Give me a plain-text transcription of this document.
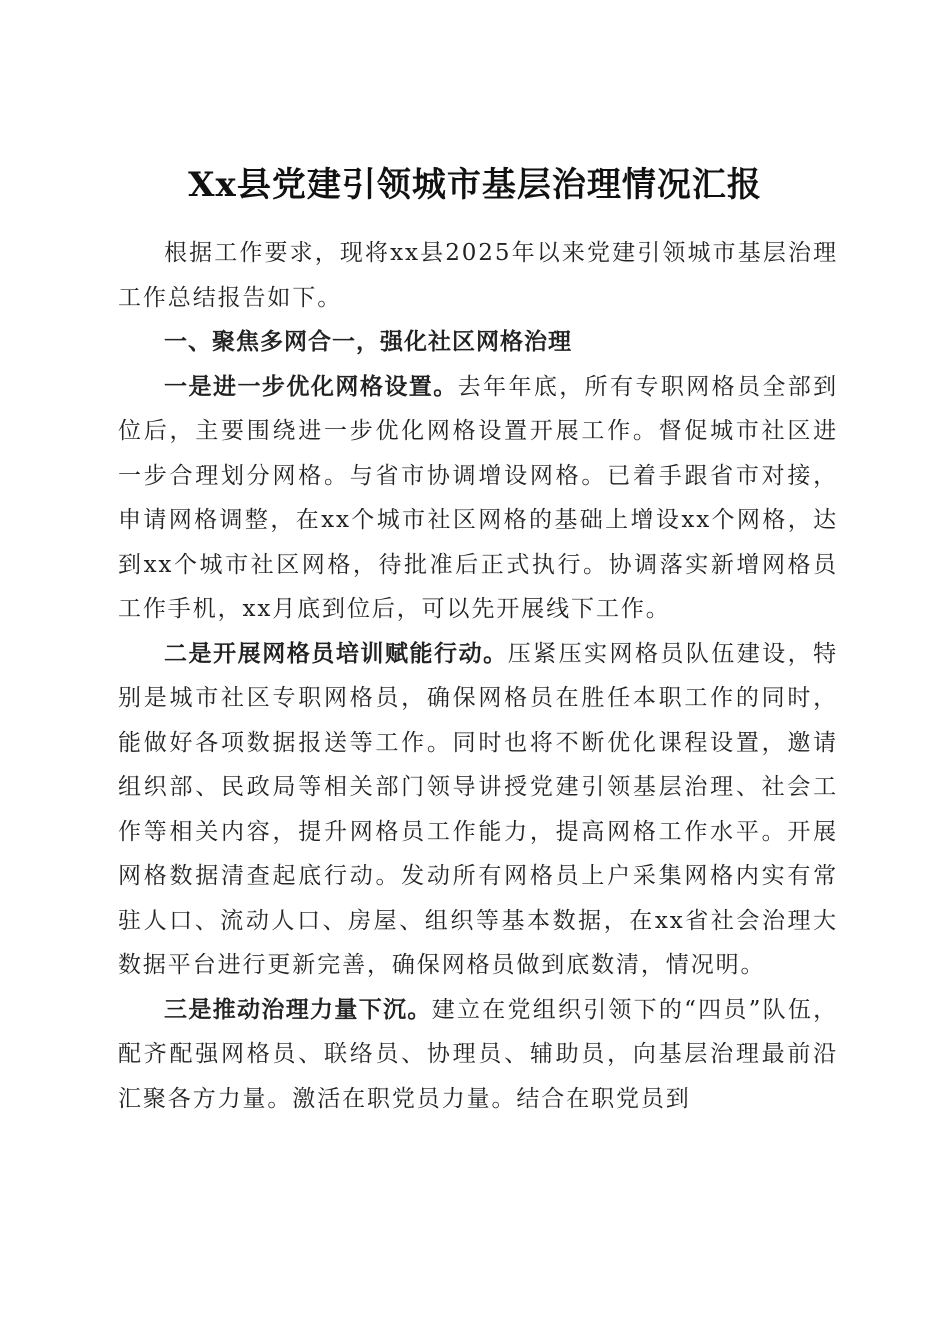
Xx县党建引领城市基层治理情况汇报

根据工作要求，现将xx县2025年以来党建引领城市基层治理工作总结报告如下。

一、聚焦多网合一，强化社区网格治理

一是进一步优化网格设置。去年年底，所有专职网格员全部到位后，主要围绕进一步优化网格设置开展工作。督促城市社区进一步合理划分网格。与省市协调增设网格。已着手跟省市对接，申请网格调整，在xx个城市社区网格的基础上增设xx个网格，达到xx个城市社区网格，待批准后正式执行。协调落实新增网格员工作手机，xx月底到位后，可以先开展线下工作。

二是开展网格员培训赋能行动。压紧压实网格员队伍建设，特别是城市社区专职网格员，确保网格员在胜任本职工作的同时，能做好各项数据报送等工作。同时也将不断优化课程设置，邀请组织部、民政局等相关部门领导讲授党建引领基层治理、社会工作等相关内容，提升网格员工作能力，提高网格工作水平。开展网格数据清查起底行动。发动所有网格员上户采集网格内实有常驻人口、流动人口、房屋、组织等基本数据，在xx省社会治理大数据平台进行更新完善，确保网格员做到底数清，情况明。

三是推动治理力量下沉。建立在党组织引领下的“四员”队伍，配齐配强网格员、联络员、协理员、辅助员，向基层治理最前沿汇聚各方力量。激活在职党员力量。结合在职党员到
